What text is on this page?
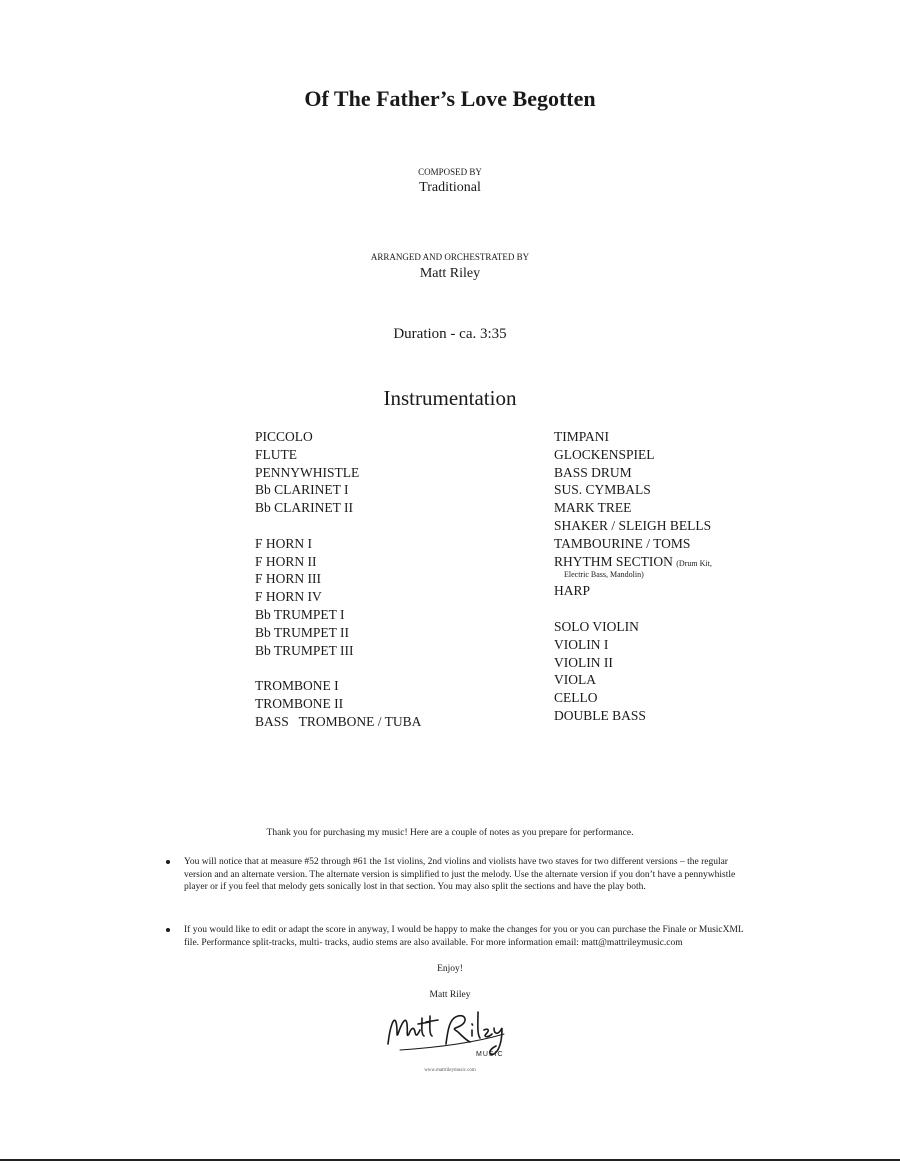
Of The Father’s Love Begotten
COMPOSED BY
Traditional
ARRANGED AND ORCHESTRATED BY
Matt Riley
Duration - ca. 3:35
Instrumentation
PICCOLO
FLUTE
PENNYWHISTLE
Bb CLARINET I
Bb CLARINET II
F HORN I
F HORN II
F HORN III
F HORN IV
Bb TRUMPET I
Bb TRUMPET II
Bb TRUMPET III
TROMBONE I
TROMBONE II
BASS   TROMBONE / TUBA
TIMPANI
GLOCKENSPIEL
BASS DRUM
SUS. CYMBALS
MARK TREE
SHAKER / SLEIGH BELLS
TAMBOURINE / TOMS
RHYTHM SECTION (Drum Kit,
Electric Bass, Mandolin)
HARP
SOLO VIOLIN
VIOLIN I
VIOLIN II
VIOLA
CELLO
DOUBLE BASS
Thank you for purchasing my music! Here are a couple of notes as you prepare for performance.
You will notice that at measure #52 through #61 the 1st violins, 2nd violins and violists have two staves for two different versions – the regular version and an alternate version. The alternate version is simplified to just the melody. Use the alternate version if you don’t have a pennywhistle player or if you feel that melody gets sonically lost in that section. You may also split the sections and have the play both.
If you would like to edit or adapt the score in anyway, I would be happy to make the changes for you or you can purchase the Finale or MusicXML file. Performance split-tracks, multi- tracks, audio stems are also available. For more information email: matt@mattrileymusic.com
Enjoy!
Matt Riley
MUSIC
www.mattrileymusic.com
